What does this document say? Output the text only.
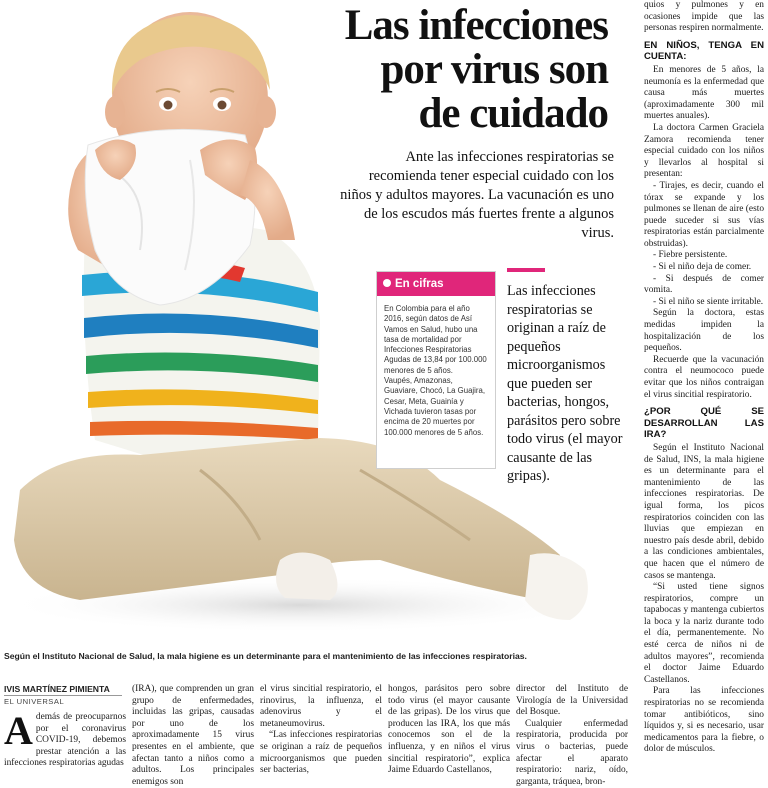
Las infecciones
por virus son
de cuidado
Ante las infecciones respiratorias se recomienda tener especial cuidado con los niños y adultos mayores. La vacunación es uno de los escudos más fuertes frente a algunos virus.
En cifras
En Colombia para el año 2016, según datos de Así Vamos en Salud, hubo una tasa de mortalidad por Infecciones Respiratorias Agudas de 13,84 por 100.000 menores de 5 años.
Vaupés, Amazonas, Guaviare, Chocó, La Guajira, Cesar, Meta, Guainía y Vichada tuvieron tasas por encima de 20 muertes por 100.000 menores de 5 años.
Las infecciones respiratorias se originan a raíz de pequeños microorganismos que pueden ser bacterias, hongos, parásitos pero sobre todo virus (el mayor causante de las gripas).
Según el Instituto Nacional de Salud, la mala higiene es un determinante para el mantenimiento de las infecciones respiratorias.
IVIS MARTÍNEZ PIMIENTA
EL UNIVERSAL
Además de preocuparnos por el coronavirus COVID-19, debemos prestar atención a las infecciones respiratorias agudas

(IRA), que comprenden un gran grupo de enfermedades, incluidas las gripas, causadas por uno de los aproximadamente 15 virus presentes en el ambiente, que afectan tanto a niños como a adultos. Los principales enemigos son

el virus sincitial respiratorio, el rinovirus, la influenza, el adenovirus y el metaneumovirus.

“Las infecciones respiratorias se originan a raíz de pequeños microorganismos que pueden ser bacterias,

hongos, parásitos pero sobre todo virus (el mayor causante de las gripas). De los virus que producen las IRA, los que más conocemos son el de la influenza, y en niños el virus sincitial respiratorio”, explica Jaime Eduardo Castellanos,

director del Instituto de Virología de la Universidad del Bosque.

Cualquier enfermedad respiratoria, producida por virus o bacterias, puede afectar el aparato respiratorio: nariz, oído, garganta, tráquea, bron-

quios y pulmones y en ocasiones impide que las personas respiren normalmente.

EN NIÑOS, TENGA EN CUENTA:

En menores de 5 años, la neumonía es la enfermedad que causa más muertes (aproximadamente 300 mil muertes anuales).

La doctora Carmen Graciela Zamora recomienda tener especial cuidado con los niños y llevarlos al hospital si presentan:

- Tirajes, es decir, cuando el tórax se expande y los pulmones se llenan de aire (esto puede suceder si sus vías respiratorias están parcialmente obstruidas).

- Fiebre persistente.

- Si el niño deja de comer.

- Si después de comer vomita.

- Si el niño se siente irritable.

Según la doctora, estas medidas impiden la hospitalización de los pequeños.

Recuerde que la vacunación contra el neumococo puede evitar que los niños contraigan el virus sincitial respiratorio.

¿POR QUÉ SE DESARROLLAN LAS IRA?

Según el Instituto Nacional de Salud, INS, la mala higiene es un determinante para el mantenimiento de las infecciones respiratorias. De igual forma, los picos respiratorios coinciden con las lluvias que empiezan en nuestro país desde abril, debido a las condiciones ambientales, que hacen que el número de casos se mantenga.

“Si usted tiene signos respiratorios, compre un tapabocas y mantenga cubiertos la boca y la nariz durante todo el día, permanentemente. No esté cerca de niños ni de adultos mayores”, recomienda el doctor Jaime Eduardo Castellanos.

Para las infecciones respiratorias no se recomienda tomar antibióticos, sino líquidos y, si es necesario, usar medicamentos para la fiebre, o dolor de músculos.
